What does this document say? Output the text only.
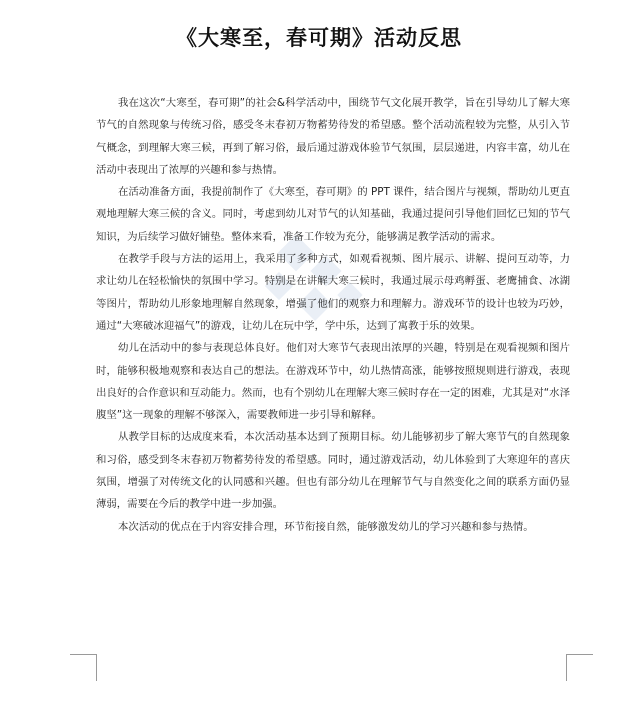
《大寒至，春可期》活动反思

我在这次“大寒至，春可期”的社会&科学活动中，围绕节气文化展开教学，旨在引导幼儿了解大寒节气的自然现象与传统习俗，感受冬末春初万物蓄势待发的希望感。整个活动流程较为完整，从引入节气概念，到理解大寒三候，再到了解习俗，最后通过游戏体验节气氛围，层层递进，内容丰富，幼儿在活动中表现出了浓厚的兴趣和参与热情。

在活动准备方面，我提前制作了《大寒至，春可期》的 PPT 课件，结合图片与视频，帮助幼儿更直观地理解大寒三候的含义。同时，考虑到幼儿对节气的认知基础，我通过提问引导他们回忆已知的节气知识，为后续学习做好铺垫。整体来看，准备工作较为充分，能够满足教学活动的需求。

在教学手段与方法的运用上，我采用了多种方式，如观看视频、图片展示、讲解、提问互动等，力求让幼儿在轻松愉快的氛围中学习。特别是在讲解大寒三候时，我通过展示母鸡孵蛋、老鹰捕食、冰湖等图片，帮助幼儿形象地理解自然现象，增强了他们的观察力和理解力。游戏环节的设计也较为巧妙，通过“大寒破冰迎福气”的游戏，让幼儿在玩中学，学中乐，达到了寓教于乐的效果。

幼儿在活动中的参与表现总体良好。他们对大寒节气表现出浓厚的兴趣，特别是在观看视频和图片时，能够积极地观察和表达自己的想法。在游戏环节中，幼儿热情高涨，能够按照规则进行游戏，表现出良好的合作意识和互动能力。然而，也有个别幼儿在理解大寒三候时存在一定的困难，尤其是对“水泽腹坚”这一现象的理解不够深入，需要教师进一步引导和解释。

从教学目标的达成度来看，本次活动基本达到了预期目标。幼儿能够初步了解大寒节气的自然现象和习俗，感受到冬末春初万物蓄势待发的希望感。同时，通过游戏活动，幼儿体验到了大寒迎年的喜庆氛围，增强了对传统文化的认同感和兴趣。但也有部分幼儿在理解节气与自然变化之间的联系方面仍显薄弱，需要在今后的教学中进一步加强。

本次活动的优点在于内容安排合理，环节衔接自然，能够激发幼儿的学习兴趣和参与热情。
